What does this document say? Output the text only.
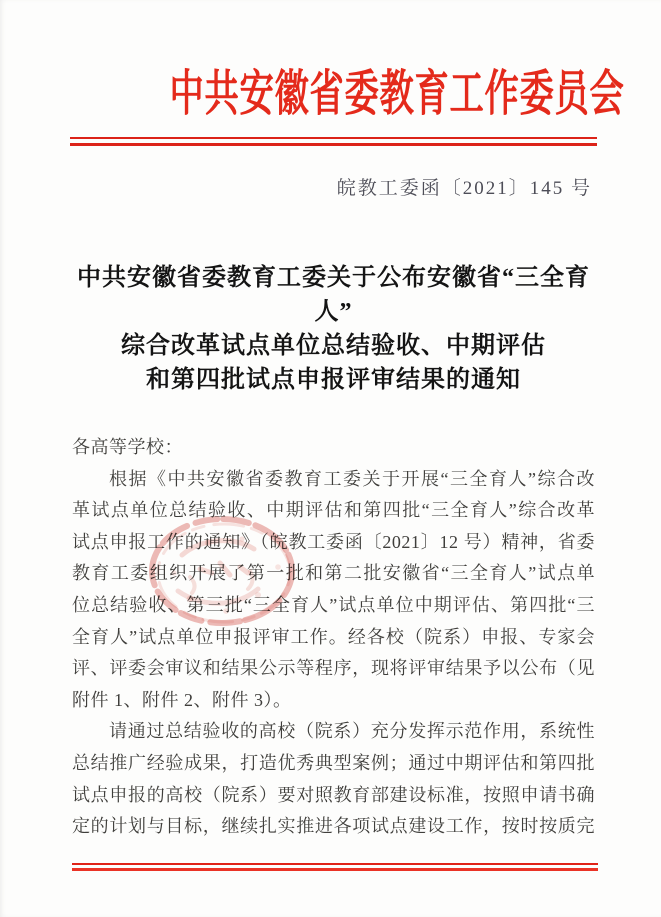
中共安徽省委教育工作委员会
皖教工委函〔2021〕145 号
中共安徽省委教育工委关于公布安徽省“三全育人”
综合改革试点单位总结验收、中期评估
和第四批试点申报评审结果的通知
各高等学校：
根据《中共安徽省委教育工委关于开展“三全育人”综合改
革试点单位总结验收、中期评估和第四批“三全育人”综合改革
试点申报工作的通知》（皖教工委函〔2021〕12 号）精神，省委
教育工委组织开展了第一批和第二批安徽省“三全育人”试点单
位总结验收、第三批“三全育人”试点单位中期评估、第四批“三
全育人”试点单位申报评审工作。经各校（院系）申报、专家会
评、评委会审议和结果公示等程序，现将评审结果予以公布（见
附件 1、附件 2、附件 3）。
请通过总结验收的高校（院系）充分发挥示范作用，系统性
总结推广经验成果，打造优秀典型案例；通过中期评估和第四批
试点申报的高校（院系）要对照教育部建设标准，按照申请书确
定的计划与目标，继续扎实推进各项试点建设工作，按时按质完
